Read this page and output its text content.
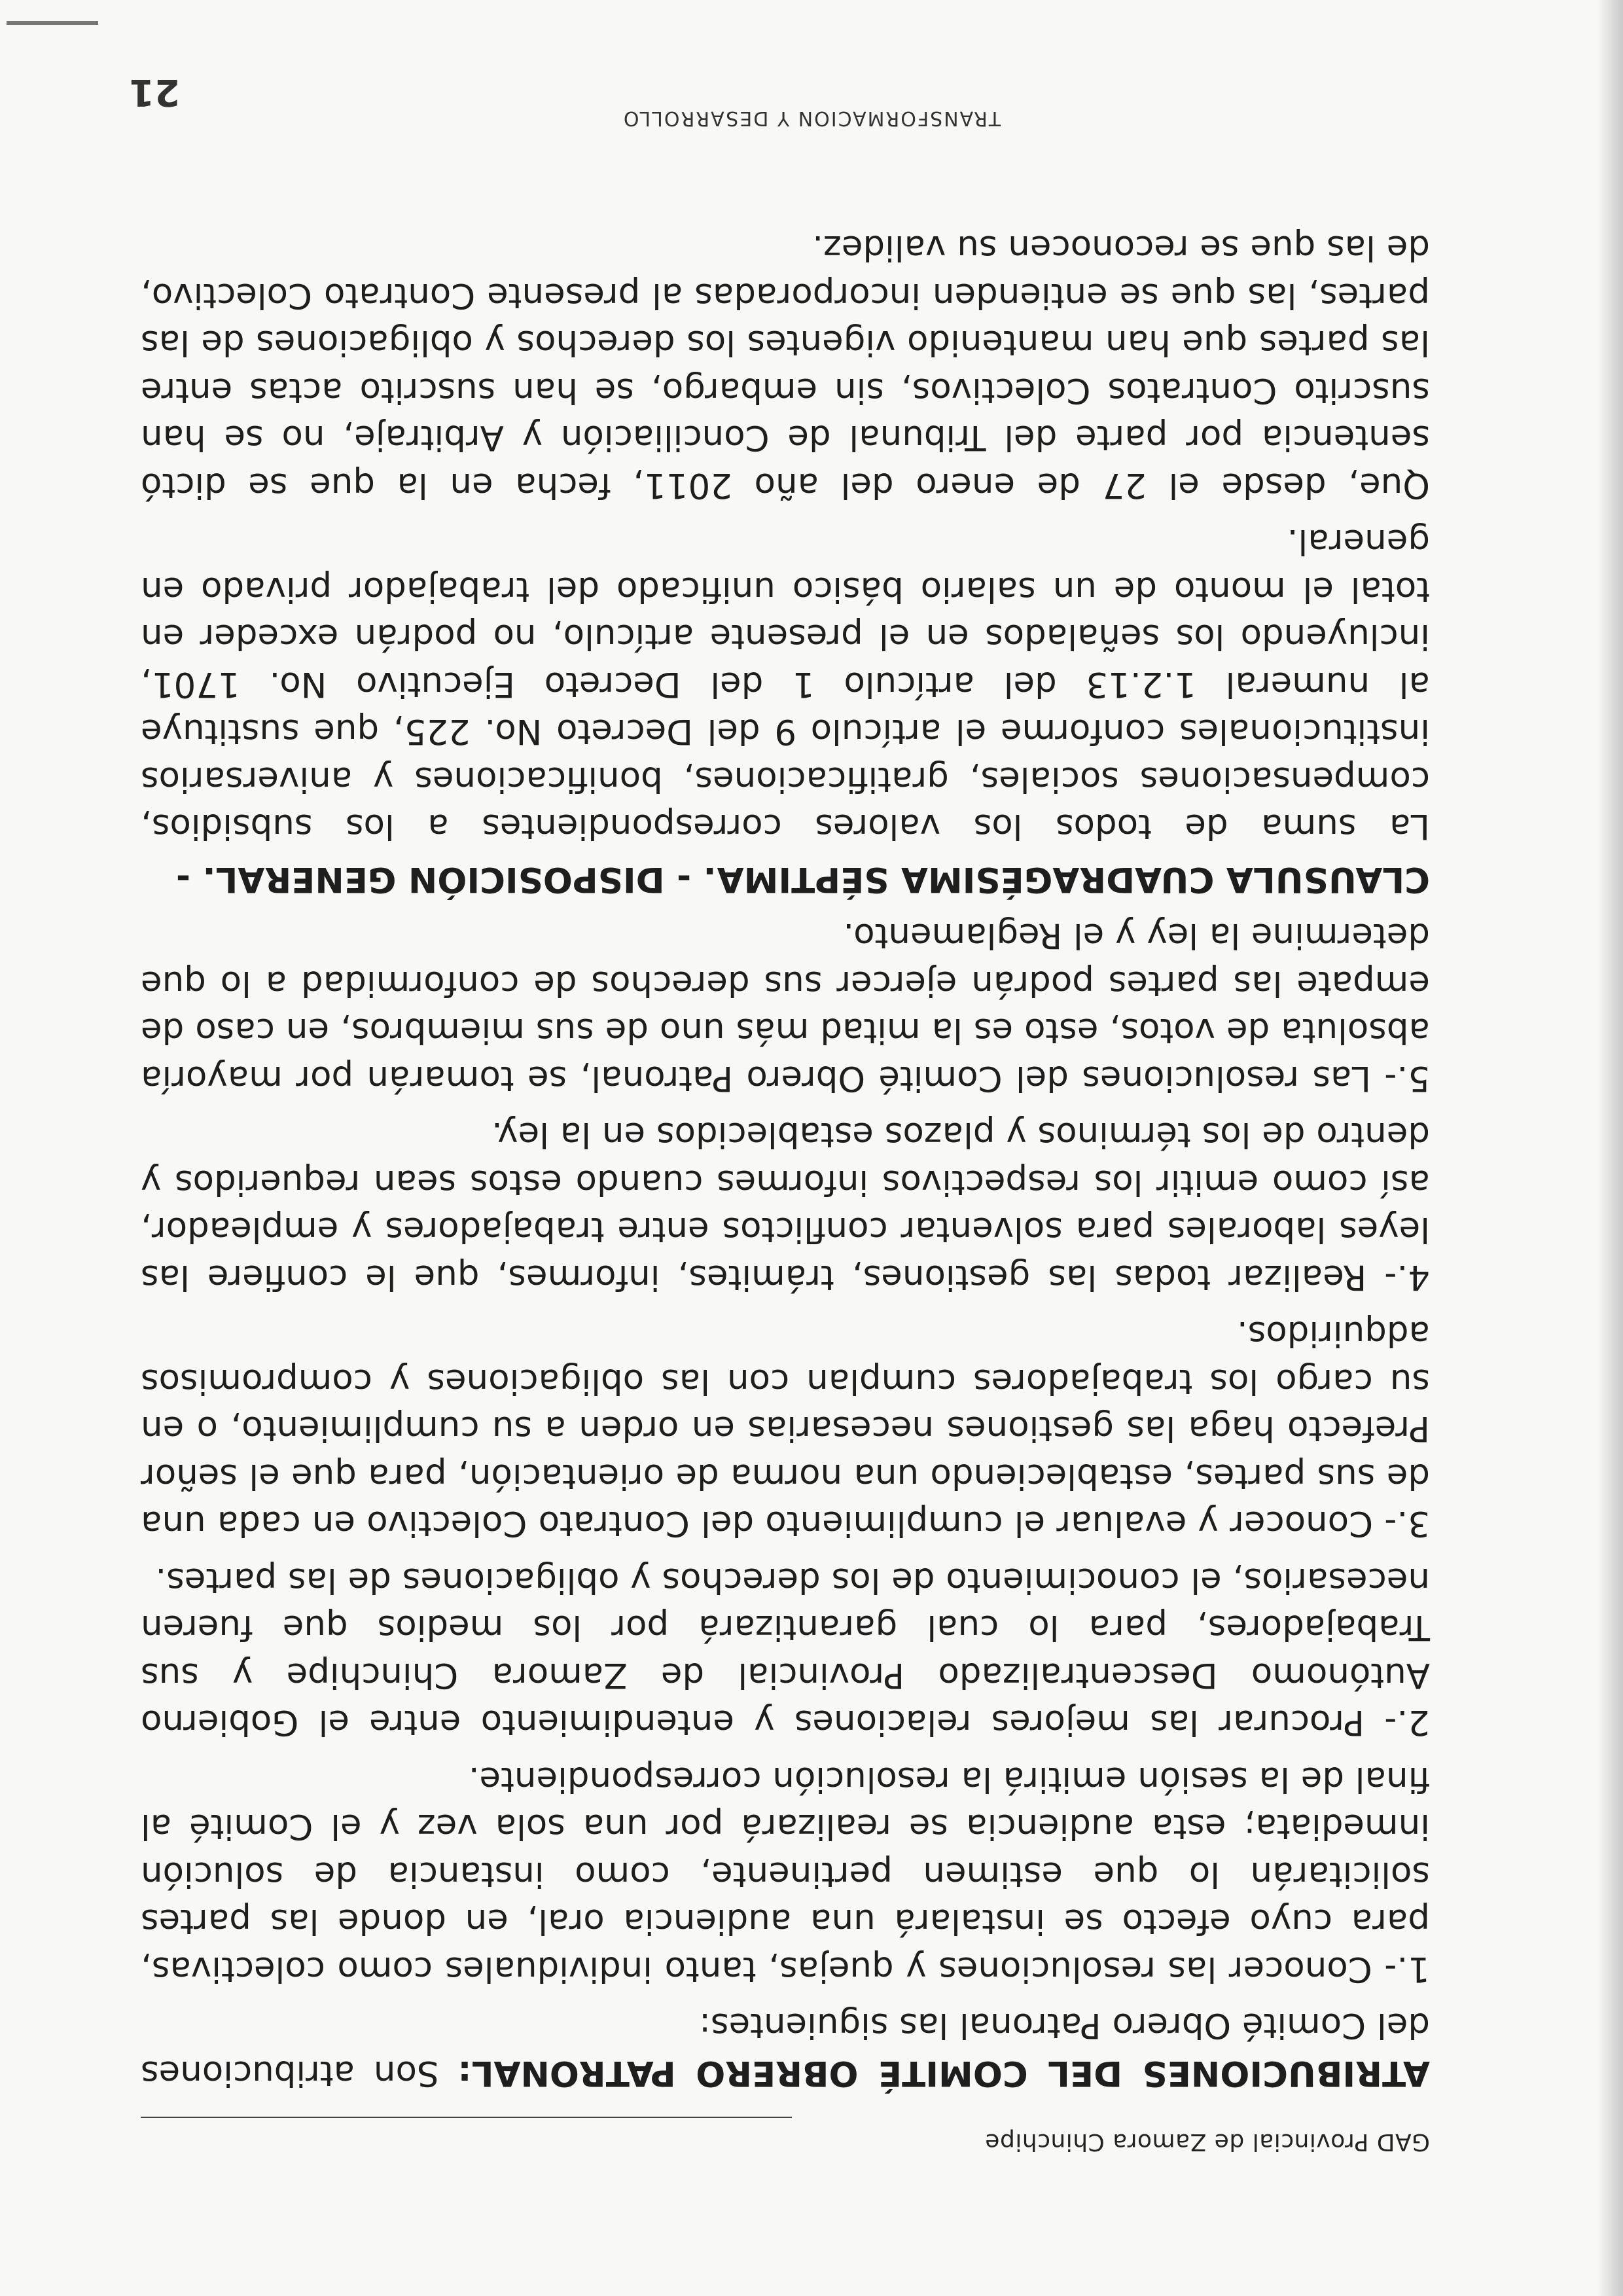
GAD Provincial de Zamora Chinchipe

ATRIBUCIONES DEL COMITÉ OBRERO PATRONAL: Son atribuciones del Comité Obrero Patronal las siguientes:

1.- Conocer las resoluciones y quejas, tanto individuales como colectivas, para cuyo efecto se instalará una audiencia oral, en donde las partes solicitarán lo que estimen pertinente, como instancia de solución inmediata; esta audiencia se realizará por una sola vez y el Comité al final de la sesión emitirá la resolución correspondiente.

2.- Procurar las mejores relaciones y entendimiento entre el Gobierno Autónomo Descentralizado Provincial de Zamora Chinchipe y sus Trabajadores, para lo cual garantizará por los medios que fueren necesarios, el conocimiento de los derechos y obligaciones de las partes.

3.- Conocer y evaluar el cumplimiento del Contrato Colectivo en cada una de sus partes, estableciendo una norma de orientación, para que el señor Prefecto haga las gestiones necesarias en orden a su cumplimiento, o en su cargo los trabajadores cumplan con las obligaciones y compromisos adquiridos.

4.- Realizar todas las gestiones, trámites, informes, que le confiere las leyes laborales para solventar conflictos entre trabajadores y empleador, así como emitir los respectivos informes cuando estos sean requeridos y dentro de los términos y plazos establecidos en la ley.

5.- Las resoluciones del Comité Obrero Patronal, se tomarán por mayoría absoluta de votos, esto es la mitad más uno de sus miembros, en caso de empate las partes podrán ejercer sus derechos de conformidad a lo que determine la ley y el Reglamento.

CLAUSULA CUADRAGÉSIMA SÉPTIMA. - DISPOSICIÓN GENERAL. -

La suma de todos los valores correspondientes a los subsidios, compensaciones sociales, gratificaciones, bonificaciones y aniversarios institucionales conforme el artículo 9 del Decreto No. 225, que sustituye al numeral 1.2.13 del artículo 1 del Decreto Ejecutivo No. 1701, incluyendo los señalados en el presente artículo, no podrán exceder en total el monto de un salario básico unificado del trabajador privado en general.

Que, desde el 27 de enero del año 2011, fecha en la que se dictó sentencia por parte del Tribunal de Conciliación y Arbitraje, no se han suscrito Contratos Colectivos, sin embargo, se han suscrito actas entre las partes que han mantenido vigentes los derechos y obligaciones de las partes, las que se entienden incorporadas al presente Contrato Colectivo, de las que se reconocen su validez.

TRANSFORMACION Y DESARROLLO
21
